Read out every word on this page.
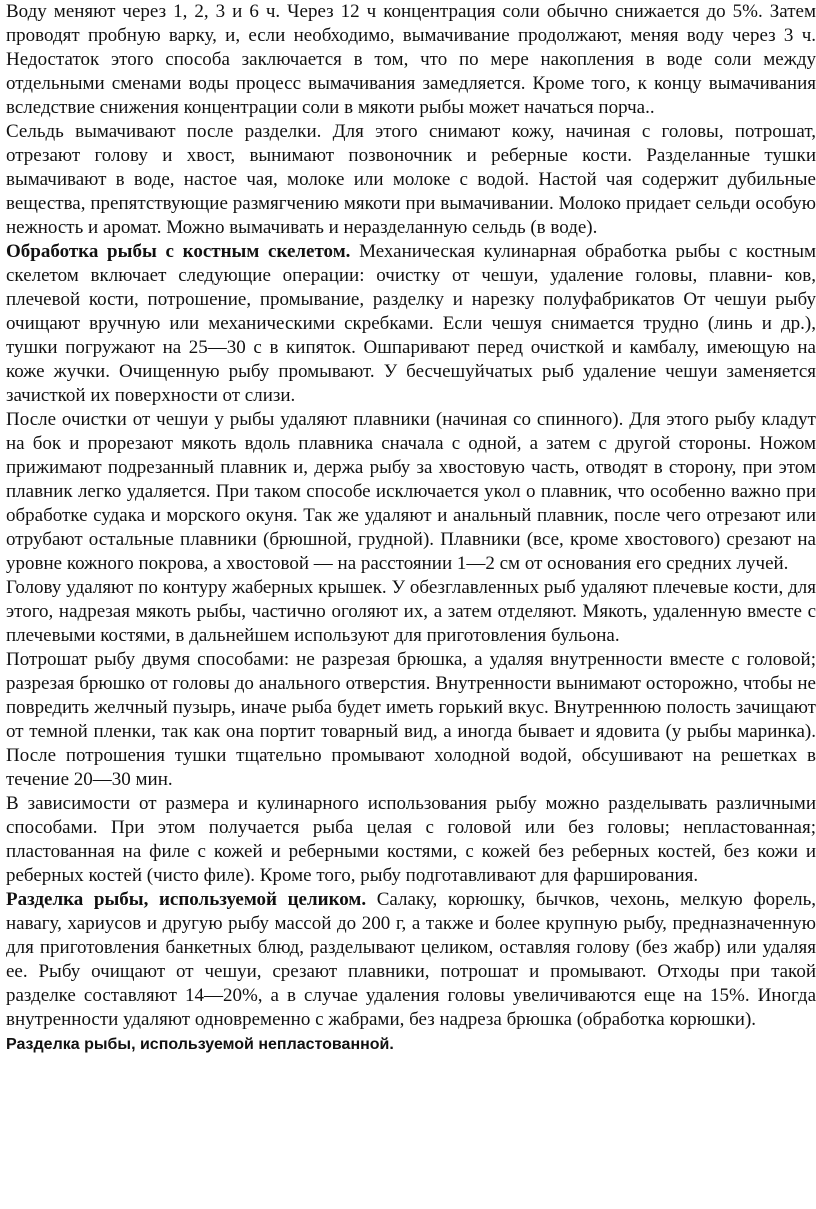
Воду меняют через 1, 2, 3 и 6 ч. Через 12 ч концентрация соли обычно снижается до 5%. Затем проводят пробную варку, и, если необходимо, вымачивание продолжают, меняя воду через 3 ч. Недостаток этого способа заключается в том, что по мере накопления в воде соли между отдельными сменами воды процесс вымачивания замедляется. Кроме того, к концу вымачивания вследствие снижения концентрации соли в мякоти рыбы может начаться порча..

Сельдь вымачивают после разделки. Для этого снимают кожу, начиная с головы, потрошат, отрезают голову и хвост, вынимают позвоночник и реберные кости. Разделанные тушки вымачивают в воде, настое чая, молоке или молоке с водой. Настой чая содержит дубильные вещества, препятствующие размягчению мякоти при вымачивании. Молоко придает сельди особую нежность и аромат. Можно вымачивать и неразделанную сельдь (в воде).

Обработка рыбы с костным скелетом. Механическая кулинарная обработка рыбы с костным скелетом включает следующие операции: очистку от чешуи, удаление головы, плавни- ков, плечевой кости, потрошение, промывание, разделку и нарезку полуфабрикатов От чешуи рыбу очищают вручную или механическими скребками. Если чешуя снимается трудно (линь и др.), тушки погружают на 25—30 с в кипяток. Ошпаривают перед очисткой и камбалу, имеющую на коже жучки. Очищенную рыбу промывают. У бесчешуйчатых рыб удаление чешуи заменяется зачисткой их поверхности от слизи.

После очистки от чешуи у рыбы удаляют плавники (начиная со спинного). Для этого рыбу кладут на бок и прорезают мякоть вдоль плавника сначала с одной, а затем с другой стороны. Ножом прижимают подрезанный плавник и, держа рыбу за хвостовую часть, отводят в сторону, при этом плавник легко удаляется. При таком способе исключается укол о плавник, что особенно важно при обработке судака и морского окуня. Так же удаляют и анальный плавник, после чего отрезают или отрубают остальные плавники (брюшной, грудной). Плавники (все, кроме хвостового) срезают на уровне кожного покрова, а хвостовой — на расстоянии 1—2 см от основания его средних лучей.

Голову удаляют по контуру жаберных крышек. У обезглавленных рыб удаляют плечевые кости, для этого, надрезая мякоть рыбы, частично оголяют их, а затем отделяют. Мякоть, удаленную вместе с плечевыми костями, в дальнейшем используют для приготовления бульона.

Потрошат рыбу двумя способами: не разрезая брюшка, а удаляя внутренности вместе с головой; разрезая брюшко от головы до анального отверстия. Внутренности вынимают осторожно, чтобы не повредить желчный пузырь, иначе рыба будет иметь горький вкус. Внутреннюю полость зачищают от темной пленки, так как она портит товарный вид, а иногда бывает и ядовита (у рыбы маринка). После потрошения тушки тщательно промывают холодной водой, обсушивают на решетках в течение 20—30 мин.

В зависимости от размера и кулинарного использования рыбу можно разделывать различными способами. При этом получается рыба целая с головой или без головы; непластованная; пластованная на филе с кожей и реберными костями, с кожей без реберных костей, без кожи и реберных костей (чисто филе). Кроме того, рыбу подготавливают для фарширования.

Разделка рыбы, используемой целиком. Салаку, корюшку, бычков, чехонь, мелкую форель, навагу, хариусов и другую рыбу массой до 200 г, а также и более крупную рыбу, предназначенную для приготовления банкетных блюд, разделывают целиком, оставляя голову (без жабр) или удаляя ее. Рыбу очищают от чешуи, срезают плавники, потрошат и промывают. Отходы при такой разделке составляют 14—20%, а в случае удаления головы увеличиваются еще на 15%. Иногда внутренности удаляют одновременно с жабрами, без надреза брюшка (обработка корюшки).

Разделка рыбы, используемой непластованной.
